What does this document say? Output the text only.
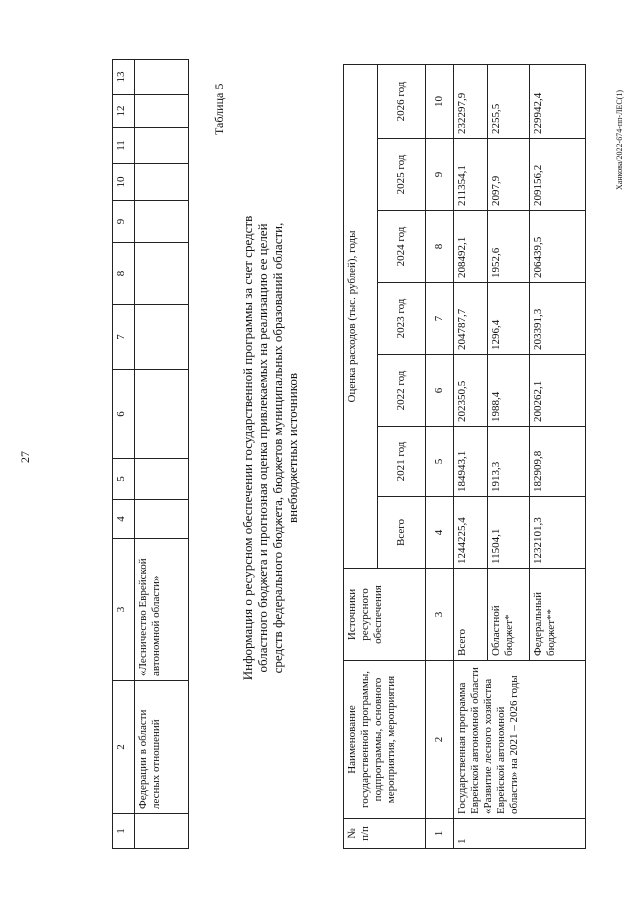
27
1	2	3	4	5	6	7	8	9	10	11	12	13
	Федерации в области лесных отношений	«Лесничество Еврейской автономной области»										
Таблица 5
Информация о ресурсном обеспечении государственной программы за счет средств областного бюджета и прогнозная оценка привлекаемых на реализацию ее целей средств федерального бюджета, бюджетов муниципальных образований области, внебюджетных источников
№ п/п	Наименование государственной программы, подпрограммы, основного мероприятия, мероприятия	Источники ресурсного обеспечения	Оценка расходов (тыс. рублей), годы						
			Всего	2021 год	2022 год	2023 год	2024 год	2025 год	2026 год
1	2	3	4	5	6	7	8	9	10
1	Государственная программа Еврейской автономной области «Развитие лесного хозяйства Еврейской автономной области» на 2021 – 2026 годы	Всего	1244225,4	184943,1	202350,5	204787,7	208492,1	211354,1	232297,9
		Областной бюджет*	11504,1	1913,3	1988,4	1296,4	1952,6	2097,9	2255,5
		Федеральный бюджет**	1232101,3	182909,8	200262,1	203391,3	206439,5	209156,2	229942,4	Ханкова/2022-674-пп-ЛЕС(1)
